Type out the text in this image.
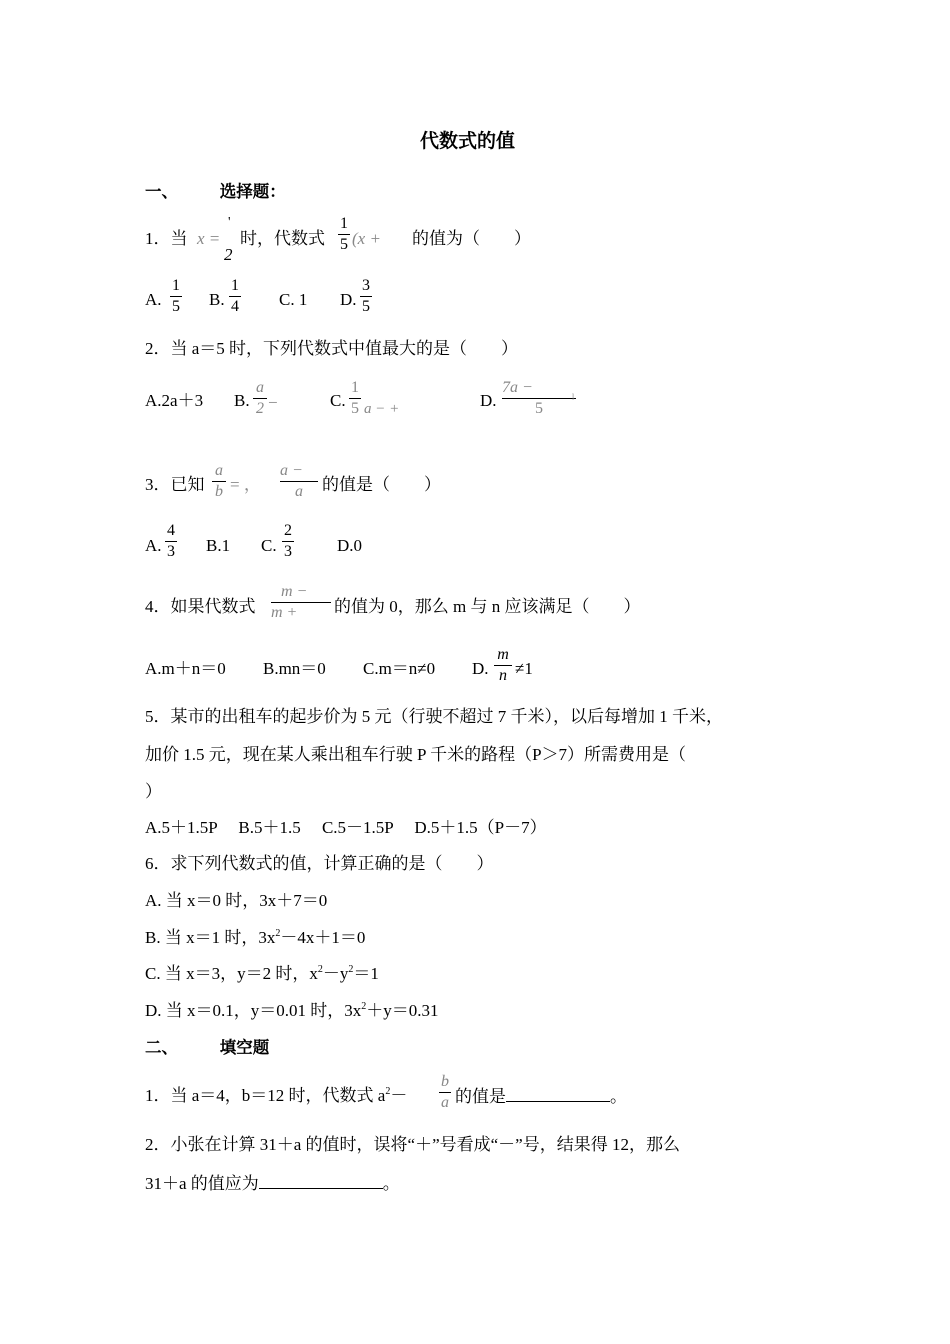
代数式的值
一、	选择题：
1．当 x =
'
2
时，代数式
1
5 (x + 的值为（　　）
A.
1
5 B.
1
4 C. 1 D.
3
5
2．当 a＝5 时，下列代数式中值最大的是（　　）
A.2a＋3 B.
a
2 −	C.
1
5 a − +	D.
7a −
5
ˡ
3．已知
a
b = ，
a −
a	的值是（　　）
A.
4
3 B.1 C.
2
3	D.0
4．如果代数式
m −
m +	的值为 0，那么 m 与 n 应该满足（　　）
A.m＋n＝0 B.mn＝0 C.m＝n≠0 D.
m
n ≠1
5．某市的出租车的起步价为 5 元（行驶不超过 7 千米），以后每增加 1 千米，
加价 1.5 元，现在某人乘出租车行驶 P 千米的路程（P＞7）所需费用是（
）
A.5＋1.5P　 B.5＋1.5　 C.5－1.5P　 D.5＋1.5（P－7）
6．求下列代数式的值，计算正确的是（　　）
A. 当 x＝0 时，3x＋7＝0
B. 当 x＝1 时，$3x^2-4x+1=0$
C. 当 x＝3，y＝2 时，$x^2-y^2=1$
D. 当 x＝0.1，y＝0.01 时，$3x^2+y=0.31$
二、	填空题
1．当 a＝4，b＝12 时，代数式 $a^2-$
b
a 的值是	。
2．小张在计算 31＋a 的值时，误将“＋”号看成“－”号，结果得 12，那么
31＋a 的值应为	。
